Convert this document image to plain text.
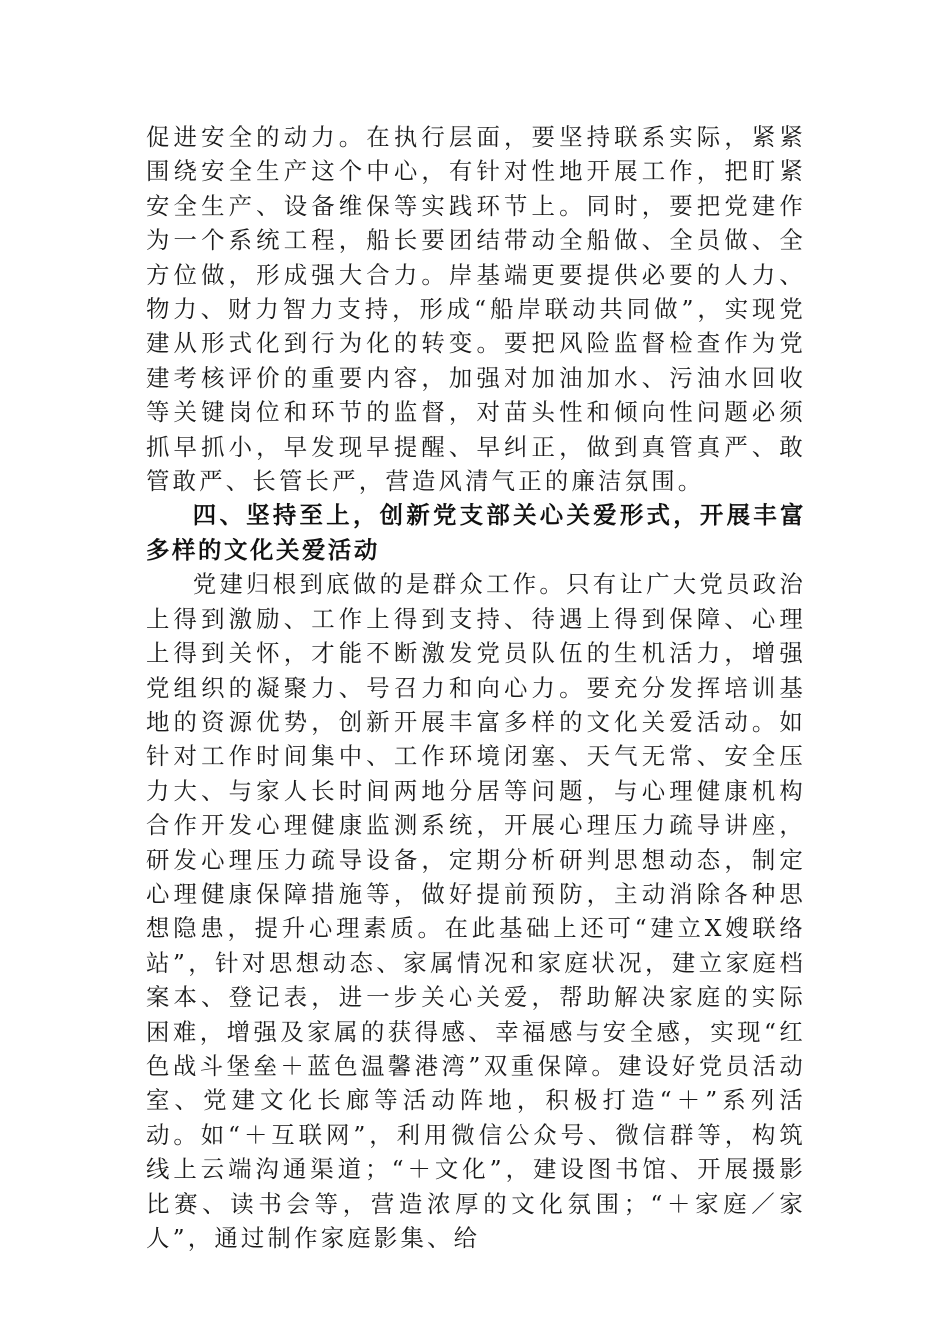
促进安全的动力。在执行层面，要坚持联系实际，紧紧围绕安全生产这个中心，有针对性地开展工作，把盯紧安全生产、设备维保等实践环节上。同时，要把党建作为一个系统工程，船长要团结带动全船做、全员做、全方位做，形成强大合力。岸基端更要提供必要的人力、物力、财力智力支持，形成“船岸联动共同做”，实现党建从形式化到行为化的转变。要把风险监督检查作为党建考核评价的重要内容，加强对加油加水、污油水回收等关键岗位和环节的监督，对苗头性和倾向性问题必须抓早抓小，早发现早提醒、早纠正，做到真管真严、敢管敢严、长管长严，营造风清气正的廉洁氛围。

四、坚持至上，创新党支部关心关爱形式，开展丰富多样的文化关爱活动

党建归根到底做的是群众工作。只有让广大党员政治上得到激励、工作上得到支持、待遇上得到保障、心理上得到关怀，才能不断激发党员队伍的生机活力，增强党组织的凝聚力、号召力和向心力。要充分发挥培训基地的资源优势，创新开展丰富多样的文化关爱活动。如针对工作时间集中、工作环境闭塞、天气无常、安全压力大、与家人长时间两地分居等问题，与心理健康机构合作开发心理健康监测系统，开展心理压力疏导讲座，研发心理压力疏导设备，定期分析研判思想动态，制定心理健康保障措施等，做好提前预防，主动消除各种思想隐患，提升心理素质。在此基础上还可“建立X嫂联络站”，针对思想动态、家属情况和家庭状况，建立家庭档案本、登记表，进一步关心关爱，帮助解决家庭的实际困难，增强及家属的获得感、幸福感与安全感，实现“红色战斗堡垒＋蓝色温馨港湾”双重保障。建设好党员活动室、党建文化长廊等活动阵地，积极打造“＋”系列活动。如“＋互联网”，利用微信公众号、微信群等，构筑线上云端沟通渠道；“＋文化”，建设图书馆、开展摄影比赛、读书会等，营造浓厚的文化氛围；“＋家庭／家人”，通过制作家庭影集、给
